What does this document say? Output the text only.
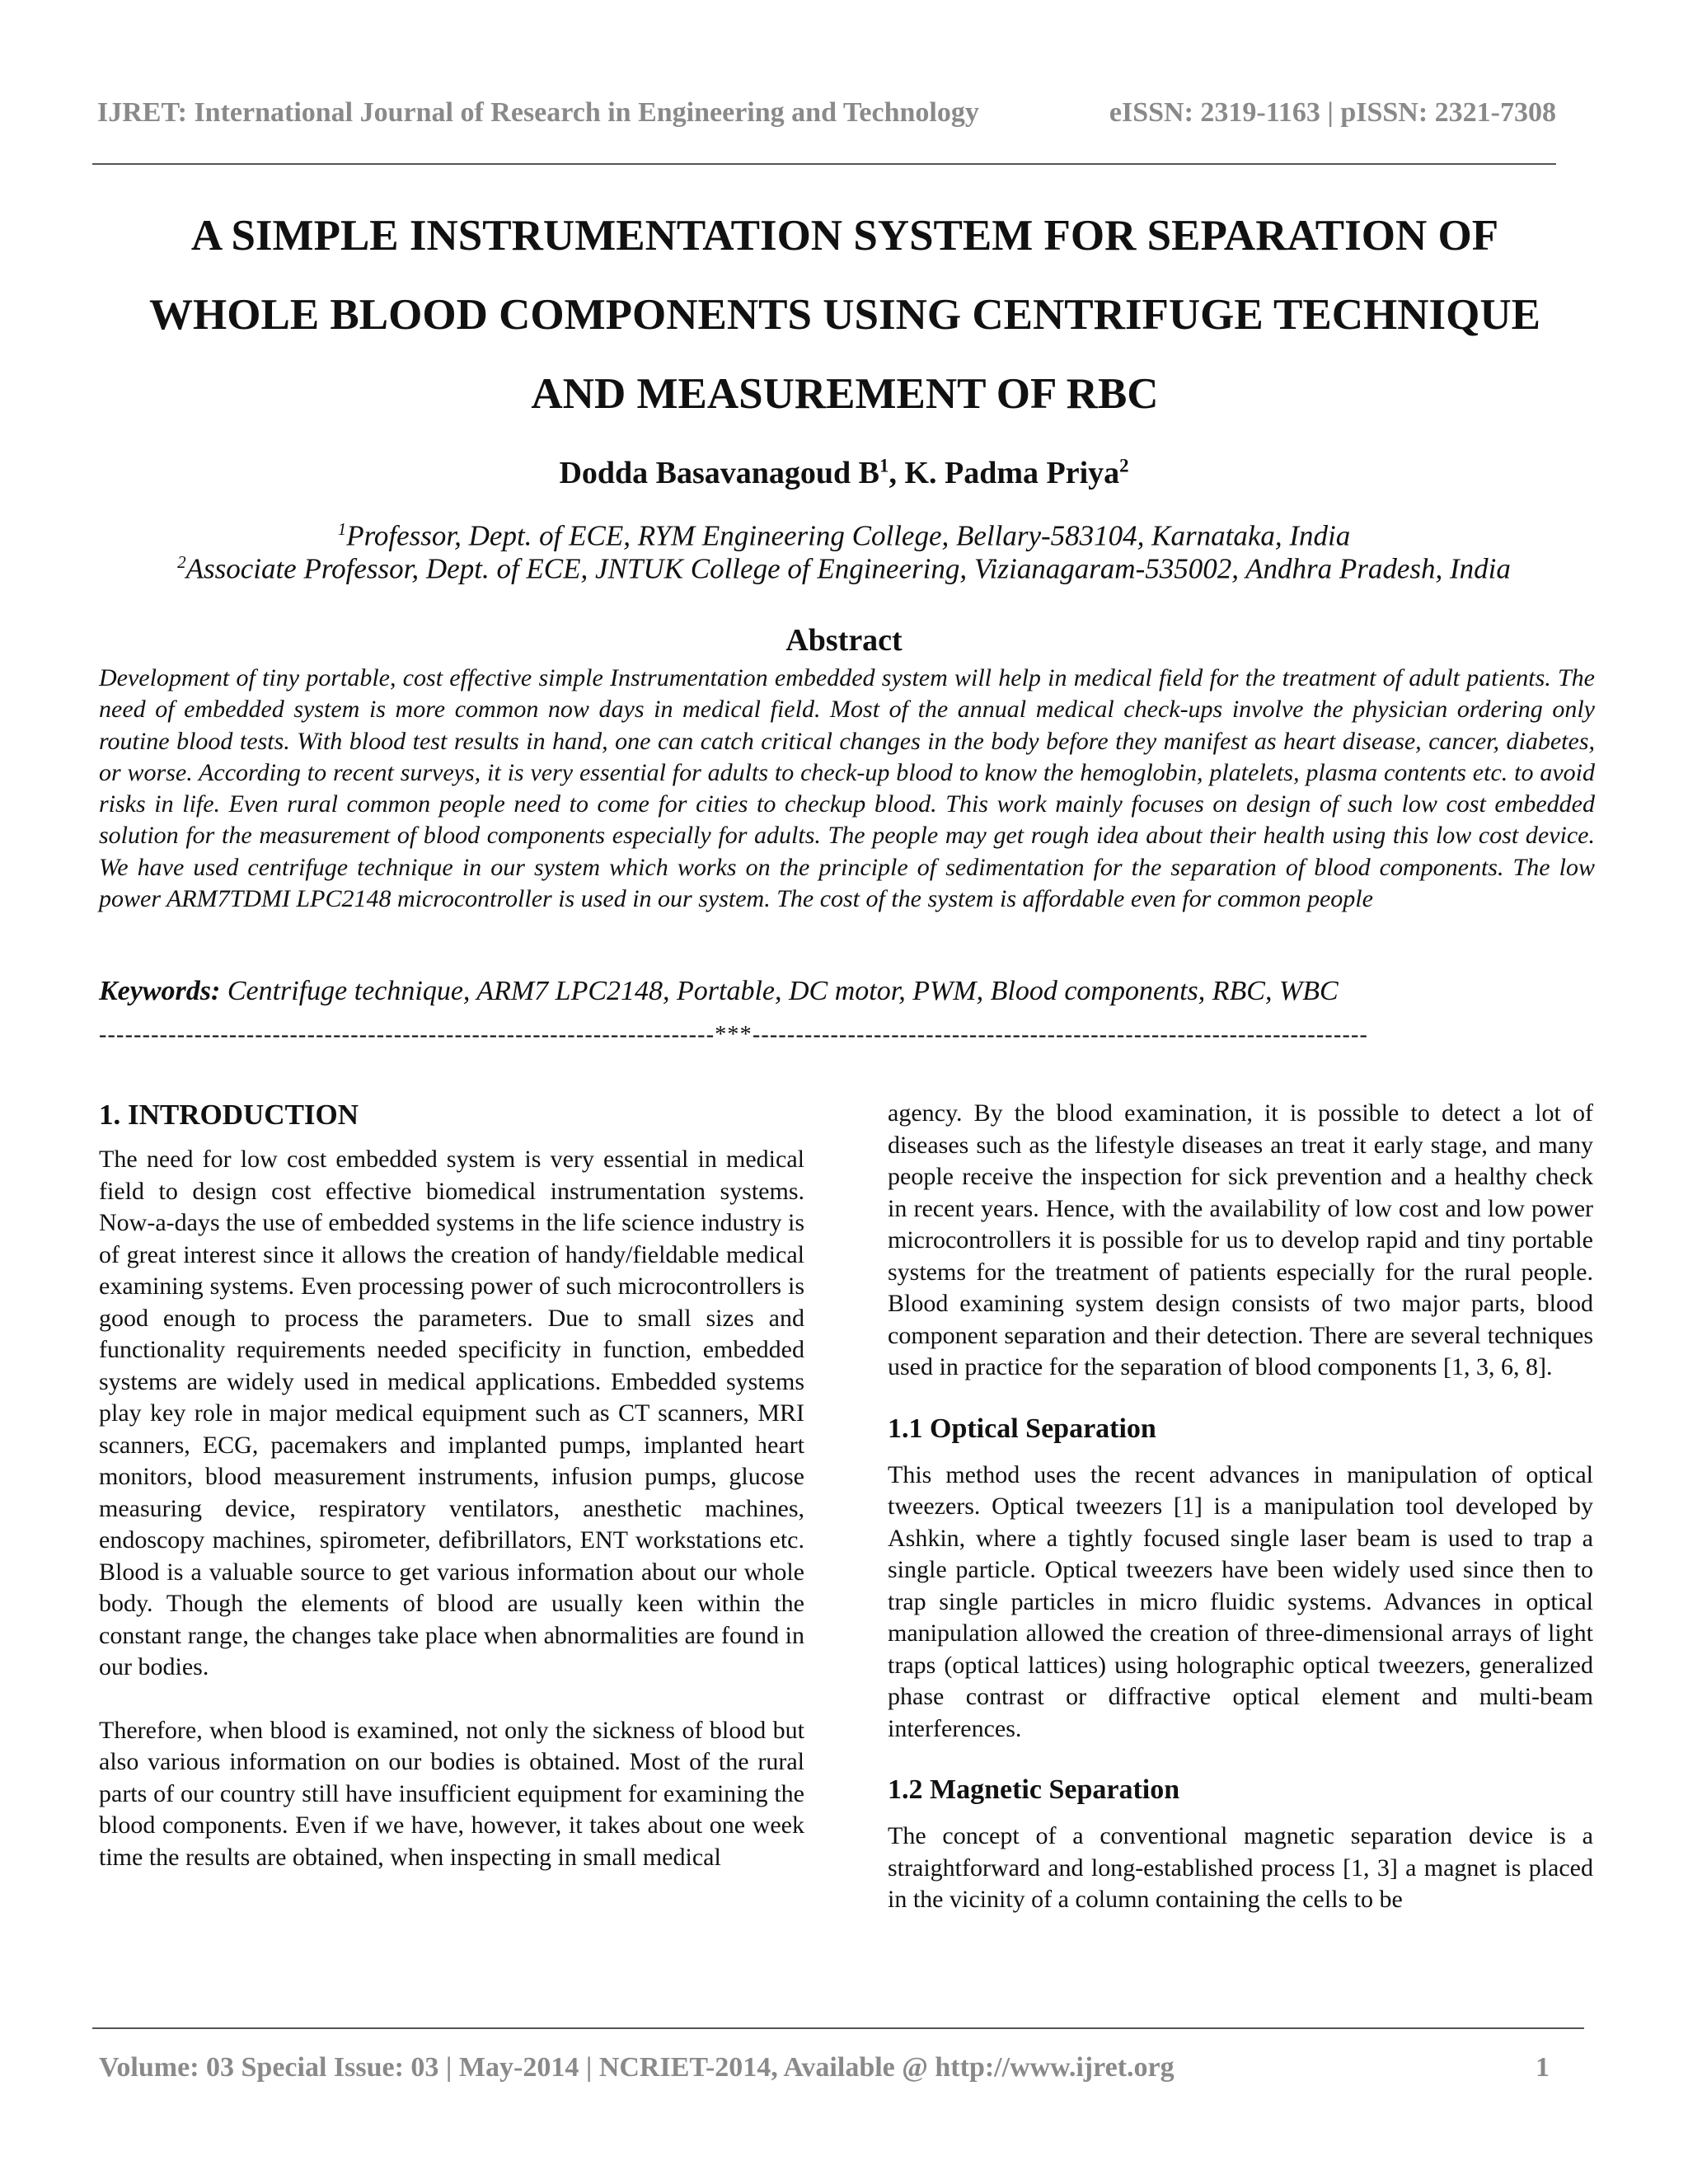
IJRET: International Journal of Research in Engineering and Technology	eISSN: 2319-1163 | pISSN: 2321-7308
A SIMPLE INSTRUMENTATION SYSTEM FOR SEPARATION OF
WHOLE BLOOD COMPONENTS USING CENTRIFUGE TECHNIQUE
AND MEASUREMENT OF RBC
Dodda Basavanagoud $B^1$, K. Padma Priya$^2$
$^1$Professor, Dept. of ECE, RYM Engineering College, Bellary-583104, Karnataka, India
$^2$Associate Professor, Dept. of ECE, JNTUK College of Engineering, Vizianagaram-535002, Andhra Pradesh, India
Abstract
Development of tiny portable, cost effective simple Instrumentation embedded system will help in medical field for the treatment of adult patients. The need of embedded system is more common now days in medical field. Most of the annual medical check-ups involve the physician ordering only routine blood tests. With blood test results in hand, one can catch critical changes in the body before they manifest as heart disease, cancer, diabetes, or worse. According to recent surveys, it is very essential for adults to check-up blood to know the hemoglobin, platelets, plasma contents etc. to avoid risks in life. Even rural common people need to come for cities to checkup blood. This work mainly focuses on design of such low cost embedded solution for the measurement of blood components especially for adults. The people may get rough idea about their health using this low cost device. We have used centrifuge technique in our system which works on the principle of sedimentation for the separation of blood components. The low power ARM7TDMI LPC2148 microcontroller is used in our system. The cost of the system is affordable even for common people
Keywords: Centrifuge technique, ARM7 LPC2148, Portable, DC motor, PWM, Blood components, RBC, WBC
-----------------------------------------------------------------------***-----------------------------------------------------------------------
1. INTRODUCTION

The need for low cost embedded system is very essential in medical field to design cost effective biomedical instrumentation systems. Now-a-days the use of embedded systems in the life science industry is of great interest since it allows the creation of handy/fieldable medical examining systems. Even processing power of such microcontrollers is good enough to process the parameters. Due to small sizes and functionality requirements needed specificity in function, embedded systems are widely used in medical applications. Embedded systems play key role in major medical equipment such as CT scanners, MRI scanners, ECG, pacemakers and implanted pumps, implanted heart monitors, blood measurement instruments, infusion pumps, glucose measuring device, respiratory ventilators, anesthetic machines, endoscopy machines, spirometer, defibrillators, ENT workstations etc. Blood is a valuable source to get various information about our whole body. Though the elements of blood are usually keen within the constant range, the changes take place when abnormalities are found in our bodies.

Therefore, when blood is examined, not only the sickness of blood but also various information on our bodies is obtained. Most of the rural parts of our country still have insufficient equipment for examining the blood components. Even if we have, however, it takes about one week time the results are obtained, when inspecting in small medical

agency. By the blood examination, it is possible to detect a lot of diseases such as the lifestyle diseases an treat it early stage, and many people receive the inspection for sick prevention and a healthy check in recent years. Hence, with the availability of low cost and low power microcontrollers it is possible for us to develop rapid and tiny portable systems for the treatment of patients especially for the rural people. Blood examining system design consists of two major parts, blood component separation and their detection. There are several techniques used in practice for the separation of blood components [1, 3, 6, 8].

1.1 Optical Separation

This method uses the recent advances in manipulation of optical tweezers. Optical tweezers [1] is a manipulation tool developed by Ashkin, where a tightly focused single laser beam is used to trap a single particle. Optical tweezers have been widely used since then to trap single particles in micro fluidic systems. Advances in optical manipulation allowed the creation of three-dimensional arrays of light traps (optical lattices) using holographic optical tweezers, generalized phase contrast or diffractive optical element and multi-beam interferences.

1.2 Magnetic Separation

The concept of a conventional magnetic separation device is a straightforward and long-established process [1, 3] a magnet is placed in the vicinity of a column containing the cells to be

Volume: 03 Special Issue: 03 | May-2014 | NCRIET-2014, Available @ http://www.ijret.org	1
